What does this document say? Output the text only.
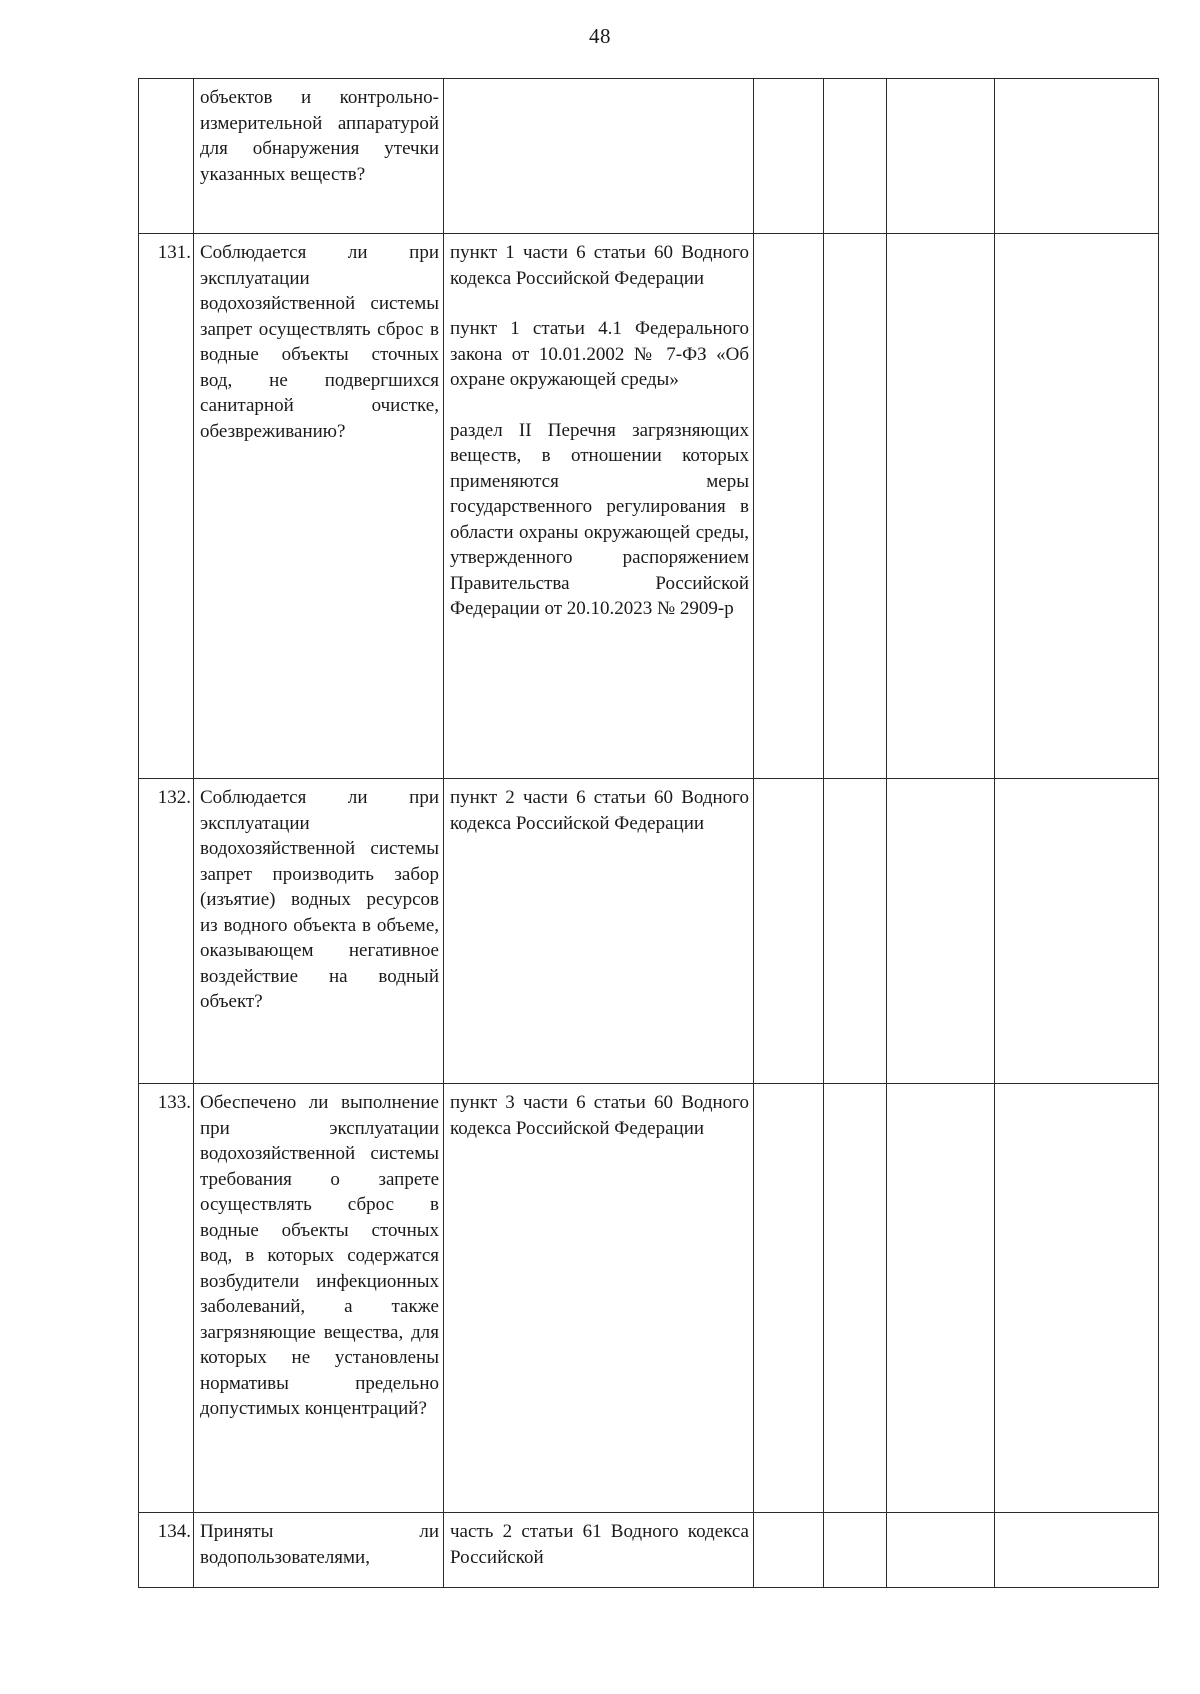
48

	объектов и контрольно-измерительной аппаратурой для обнаружения утечки указанных веществ?					

131.	Соблюдается ли при эксплуатации водохозяйственной системы запрет осуществлять сброс в водные объекты сточных вод, не подвергшихся санитарной очистке, обезвреживанию?	пункт 1 части 6 статьи 60 Водного кодекса Российской Федерации

пункт 1 статьи 4.1 Федерального закона от 10.01.2002 № 7-ФЗ «Об охране окружающей среды»

раздел II Перечня загрязняющих веществ, в отношении которых применяются меры государственного регулирования в области охраны окружающей среды, утвержденного распоряжением Правительства Российской Федерации от 20.10.2023 № 2909-р				

132.	Соблюдается ли при эксплуатации водохозяйственной системы запрет производить забор (изъятие) водных ресурсов из водного объекта в объеме, оказывающем негативное воздействие на водный объект?	пункт 2 части 6 статьи 60 Водного кодекса Российской Федерации				

133.	Обеспечено ли выполнение при эксплуатации водохозяйственной системы требования о запрете осуществлять сброс в водные объекты сточных вод, в которых содержатся возбудители инфекционных заболеваний, а также загрязняющие вещества, для которых не установлены нормативы предельно допустимых концентраций?	пункт 3 части 6 статьи 60 Водного кодекса Российской Федерации				

134.	Приняты ли водопользователями,	часть 2 статьи 61 Водного кодекса Российской				
